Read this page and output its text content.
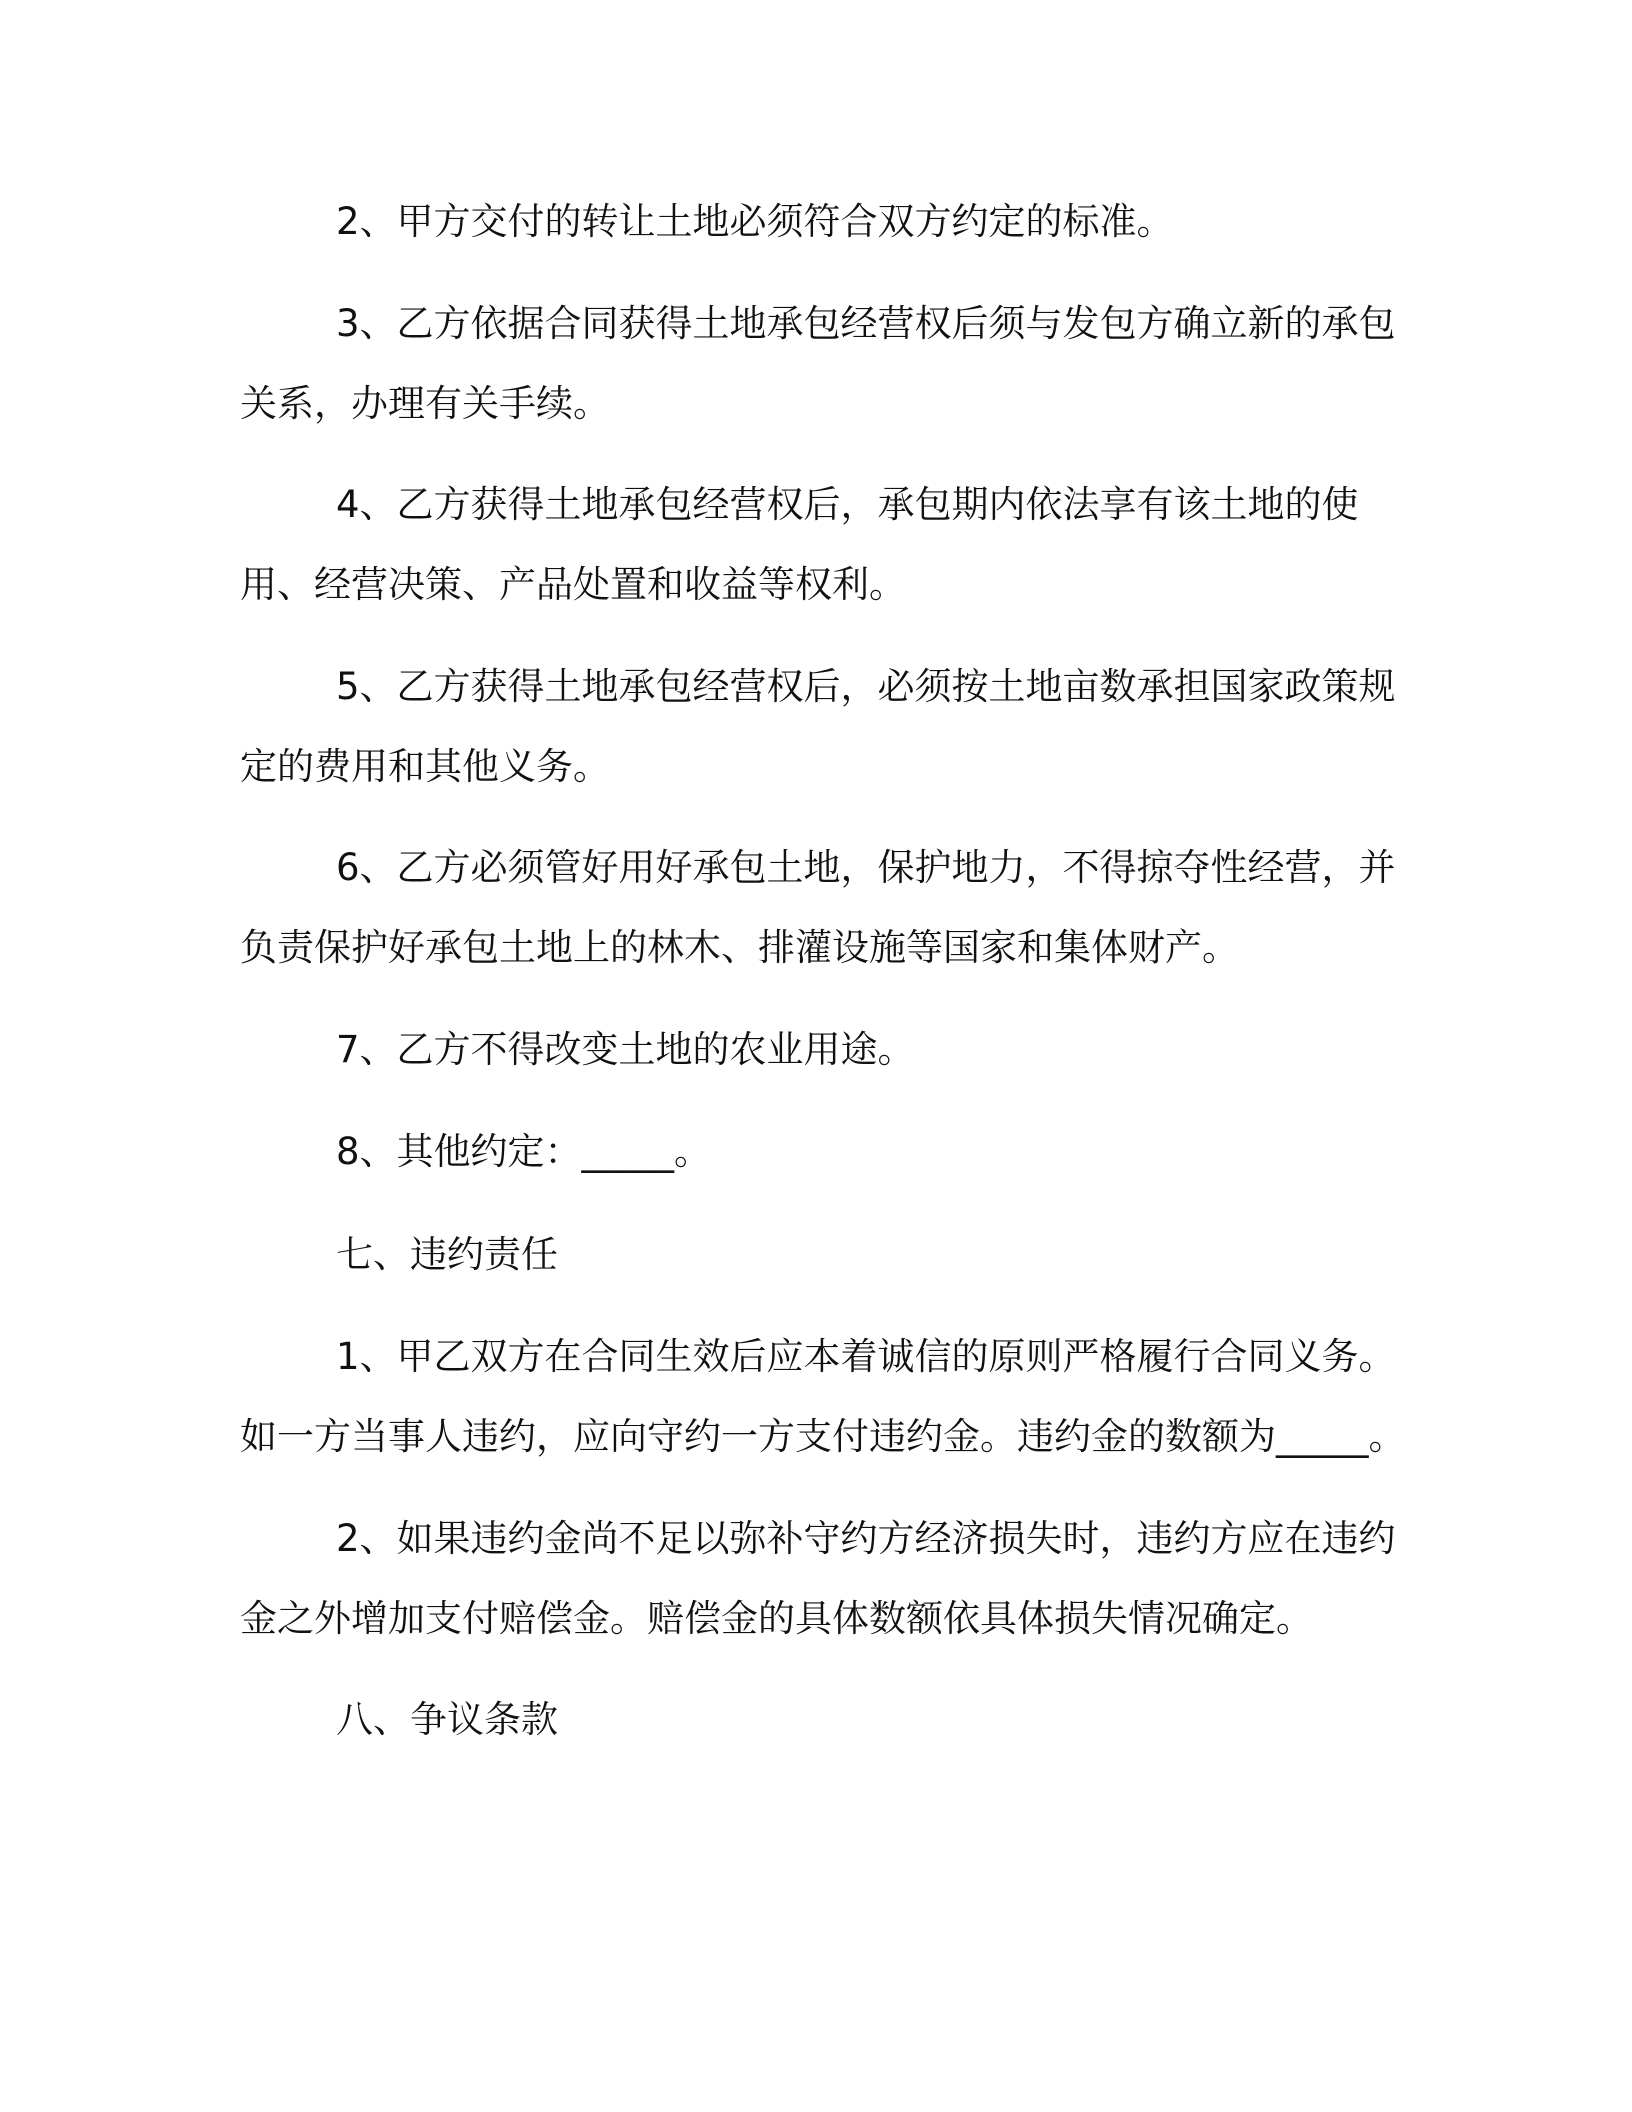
2、甲方交付的转让土地必须符合双方约定的标准。

3、乙方依据合同获得土地承包经营权后须与发包方确立新的承包关系，办理有关手续。

4、乙方获得土地承包经营权后，承包期内依法享有该土地的使用、经营决策、产品处置和收益等权利。

5、乙方获得土地承包经营权后，必须按土地亩数承担国家政策规定的费用和其他义务。

6、乙方必须管好用好承包土地，保护地力，不得掠夺性经营，并负责保护好承包土地上的林木、排灌设施等国家和集体财产。

7、乙方不得改变土地的农业用途。

8、其他约定：_____。

七、违约责任

1、甲乙双方在合同生效后应本着诚信的原则严格履行合同义务。如一方当事人违约，应向守约一方支付违约金。违约金的数额为_____。

2、如果违约金尚不足以弥补守约方经济损失时，违约方应在违约金之外增加支付赔偿金。赔偿金的具体数额依具体损失情况确定。

八、争议条款
